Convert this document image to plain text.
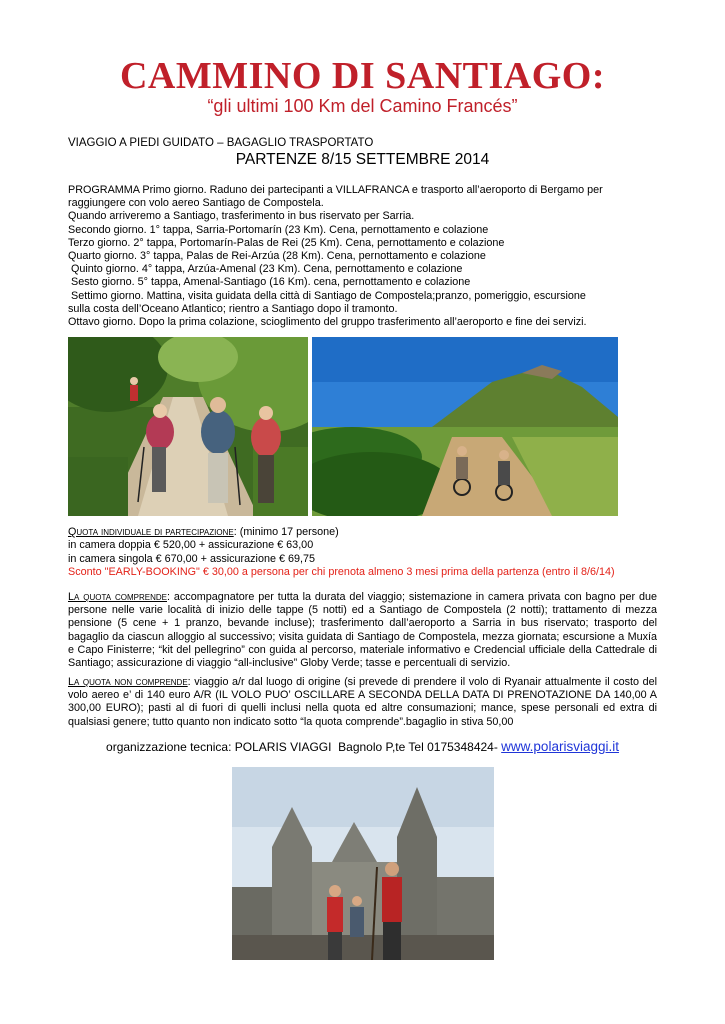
CAMMINO DI SANTIAGO:
“gli ultimi 100 Km del Camino Francés”
VIAGGIO A PIEDI GUIDATO – BAGAGLIO TRASPORTATO
PARTENZE 8/15 SETTEMBRE 2014
PROGRAMMA Primo giorno. Raduno dei partecipanti a VILLAFRANCA e trasporto all’aeroporto di Bergamo per
raggiungere con volo aereo Santiago de Compostela.
Quando arriveremo a Santiago, trasferimento in bus riservato per Sarria.
Secondo giorno. 1° tappa, Sarria-Portomarín (23 Km). Cena, pernottamento e colazione
Terzo giorno. 2° tappa, Portomarín-Palas de Rei (25 Km). Cena, pernottamento e colazione
Quarto giorno. 3° tappa, Palas de Rei-Arzúa (28 Km). Cena, pernottamento e colazione
Quinto giorno. 4° tappa, Arzúa-Amenal (23 Km). Cena, pernottamento e colazione
Sesto giorno. 5° tappa, Amenal-Santiago (16 Km). cena, pernottamento e colazione
Settimo giorno. Mattina, visita guidata della città di Santiago de Compostela;pranzo, pomeriggio, escursione
sulla costa dell’Oceano Atlantico; rientro a Santiago dopo il tramonto.
Ottavo giorno. Dopo la prima colazione, scioglimento del gruppo trasferimento all’aeroporto e fine dei servizi.
Quota individuale di partecipazione: (minimo 17 persone)
in camera doppia € 520,00 + assicurazione € 63,00
in camera singola € 670,00 + assicurazione € 69,75
Sconto "EARLY-BOOKING" € 30,00 a persona per chi prenota almeno 3 mesi prima della partenza (entro il 8/6/14)
La quota comprende: accompagnatore per tutta la durata del viaggio; sistemazione in camera privata con bagno per due persone nelle varie località di inizio delle tappe (5 notti) ed a Santiago de Compostela (2 notti); trattamento di mezza pensione (5 cene + 1 pranzo, bevande incluse); trasferimento dall’aeroporto a Sarria in bus riservato; trasporto del bagaglio da ciascun alloggio al successivo; visita guidata di Santiago de Compostela, mezza giornata; escursione a Muxía e Capo Finisterre; “kit del pellegrino” con guida al percorso, materiale informativo e Credencial ufficiale della Cattedrale di Santiago; assicurazione di viaggio “all-inclusive” Globy Verde; tasse e percentuali di servizio.
La quota non comprende: viaggio a/r dal luogo di origine (si prevede di prendere il volo di Ryanair attualmente il costo del volo aereo e’ di 140 euro A/R (IL VOLO PUO’ OSCILLARE A SECONDA DELLA DATA DI PRENOTAZIONE DA 140,00 A 300,00 EURO); pasti al di fuori di quelli inclusi nella quota ed altre consumazioni; mance, spese personali ed extra di qualsiasi genere; tutto quanto non indicato sotto “la quota comprende”.bagaglio in stiva 50,00
organizzazione tecnica: POLARIS VIAGGI  Bagnolo P,te Tel 0175348424- www.polarisviaggi.it
